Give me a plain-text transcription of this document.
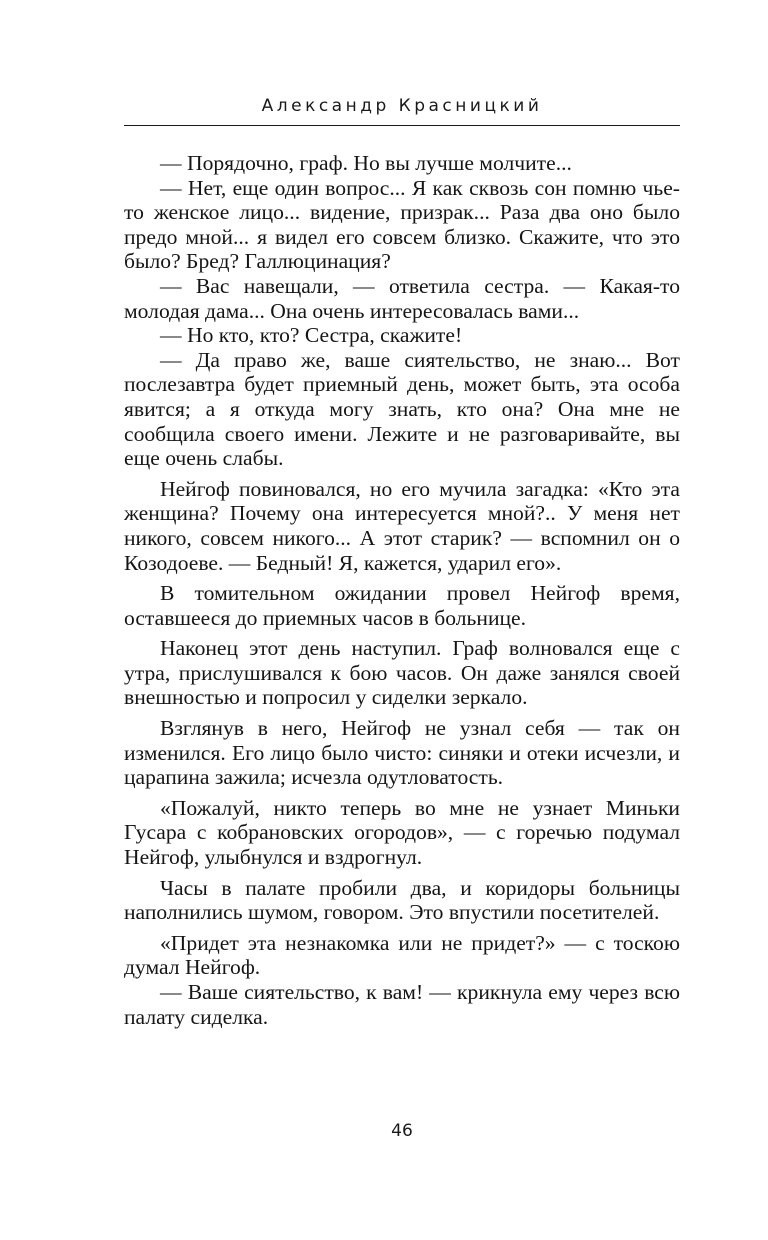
Александр Красницкий

— Порядочно, граф. Но вы лучше молчите...

— Нет, еще один вопрос... Я как сквозь сон помню чье-то женское лицо... видение, призрак... Раза два оно было предо мной... я видел его совсем близко. Скажите, что это было? Бред? Галлюцинация?

— Вас навещали, — ответила сестра. — Какая-то молодая дама... Она очень интересовалась вами...

— Но кто, кто? Сестра, скажите!

— Да право же, ваше сиятельство, не знаю... Вот послезавтра будет приемный день, может быть, эта особа явится; а я откуда могу знать, кто она? Она мне не сообщила своего имени. Лежите и не разговаривайте, вы еще очень слабы.

Нейгоф повиновался, но его мучила загадка: «Кто эта женщина? Почему она интересуется мной?.. У меня нет никого, совсем никого... А этот старик? — вспомнил он о Козодоеве. — Бедный! Я, кажется, ударил его».

В томительном ожидании провел Нейгоф время, оставшееся до приемных часов в больнице.

Наконец этот день наступил. Граф волновался еще с утра, прислушивался к бою часов. Он даже занялся своей внешностью и попросил у сиделки зеркало.

Взглянув в него, Нейгоф не узнал себя — так он изменился. Его лицо было чисто: синяки и отеки исчезли, и царапина зажила; исчезла одутловатость.

«Пожалуй, никто теперь во мне не узнает Миньки Гусара с кобрановских огородов», — с горечью подумал Нейгоф, улыбнулся и вздрогнул.

Часы в палате пробили два, и коридоры больницы наполнились шумом, говором. Это впустили посетителей.

«Придет эта незнакомка или не придет?» — с тоскою думал Нейгоф.

— Ваше сиятельство, к вам! — крикнула ему через всю палату сиделка.

46
